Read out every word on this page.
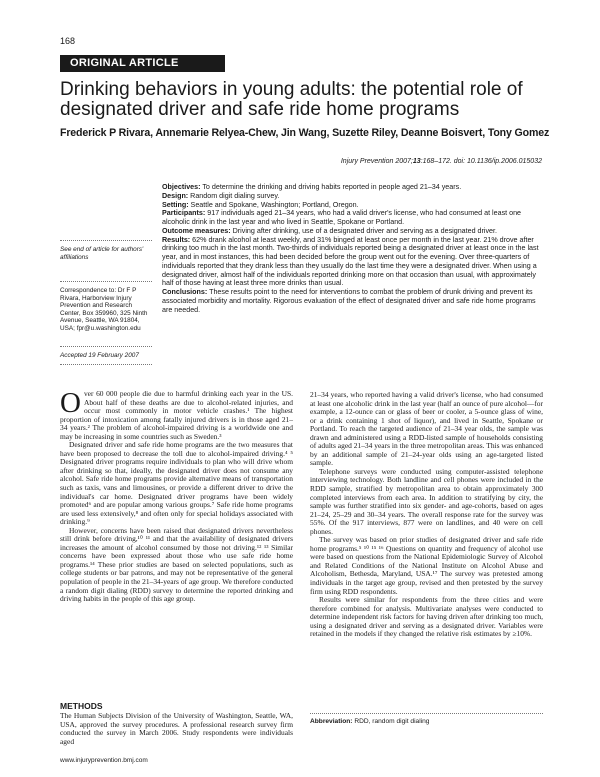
168
ORIGINAL ARTICLE
Drinking behaviors in young adults: the potential role of
designated driver and safe ride home programs
Frederick P Rivara, Annemarie Relyea-Chew, Jin Wang, Suzette Riley, Deanne Boisvert, Tony Gomez
Injury Prevention 2007;13:168–172. doi: 10.1136/ip.2006.015032

Objectives: To determine the drinking and driving habits reported in people aged 21–34 years.

Design: Random digit dialing survey.

Setting: Seattle and Spokane, Washington; Portland, Oregon.

Participants: 917 individuals aged 21–34 years, who had a valid driver's license, who had consumed at least one alcoholic drink in the last year and who lived in Seattle, Spokane or Portland.

Outcome measures: Driving after drinking, use of a designated driver and serving as a designated driver.

Results: 62% drank alcohol at least weekly, and 31% binged at least once per month in the last year. 21% drove after drinking too much in the last month. Two-thirds of individuals reported being a designated driver at least once in the last year, and in most instances, this had been decided before the group went out for the evening. Over three-quarters of individuals reported that they drank less than they usually do the last time they were a designated driver. When using a designated driver, almost half of the individuals reported drinking more on that occasion than usual, with approximately half of those having at least three more drinks than usual.

Conclusions: These results point to the need for interventions to combat the problem of drunk driving and prevent its associated morbidity and mortality. Rigorous evaluation of the effect of designated driver and safe ride home programs are needed.

See end of article for authors' affiliations
Correspondence to: Dr F P Rivara, Harborview Injury Prevention and Research Center, Box 359960, 325 Ninth Avenue, Seattle, WA 91804, USA; fpr@u.washington.edu
Accepted 19 February 2007

Over 60 000 people die due to harmful drinking each year in the US. About half of these deaths are due to alcohol-related injuries, and occur most commonly in motor vehicle crashes.¹ The highest proportion of intoxication among fatally injured drivers is in those aged 21–34 years.² The problem of alcohol-impaired driving is a worldwide one and may be increasing in some countries such as Sweden.³

Designated driver and safe ride home programs are the two measures that have been proposed to decrease the toll due to alcohol-impaired driving.⁴ ⁵ Designated driver programs require individuals to plan who will drive whom after drinking so that, ideally, the designated driver does not consume any alcohol. Safe ride home programs provide alternative means of transportation such as taxis, vans and limousines, or provide a different driver to drive the individual's car home. Designated driver programs have been widely promoted⁶ and are popular among various groups.⁷ Safe ride home programs are used less extensively,⁸ and often only for special holidays associated with drinking.⁹

However, concerns have been raised that designated drivers nevertheless still drink before driving,¹⁰ ¹¹ and that the availability of designated drivers increases the amount of alcohol consumed by those not driving.¹² ¹³ Similar concerns have been expressed about those who use safe ride home programs.¹⁴ These prior studies are based on selected populations, such as college students or bar patrons, and may not be representative of the general population of people in the 21–34-years of age group. We therefore conducted a random digit dialing (RDD) survey to determine the reported drinking and driving habits in the people of this age group.

METHODS

The Human Subjects Division of the University of Washington, Seattle, WA, USA, approved the survey procedures. A professional research survey firm conducted the survey in March 2006. Study respondents were individuals aged

21–34 years, who reported having a valid driver's license, who had consumed at least one alcoholic drink in the last year (half an ounce of pure alcohol—for example, a 12-ounce can or glass of beer or cooler, a 5-ounce glass of wine, or a drink containing 1 shot of liquor), and lived in Seattle, Spokane or Portland. To reach the targeted audience of 21–34 year olds, the sample was drawn and administered using a RDD-listed sample of households consisting of adults aged 21–34 years in the three metropolitan areas. This was enhanced by an additional sample of 21–24-year olds using an age-targeted listed sample.

Telephone surveys were conducted using computer-assisted telephone interviewing technology. Both landline and cell phones were included in the RDD sample, stratified by metropolitan area to obtain approximately 300 completed interviews from each area. In addition to stratifying by city, the sample was further stratified into six gender- and age-cohorts, based on ages 21–24, 25–29 and 30–34 years. The overall response rate for the survey was 55%. Of the 917 interviews, 877 were on landlines, and 40 were on cell phones.

The survey was based on prior studies of designated driver and safe ride home programs.⁵ ¹⁰ ¹⁵ ¹⁶ Questions on quantity and frequency of alcohol use were based on questions from the National Epidemiologic Survey of Alcohol and Related Conditions of the National Institute on Alcohol Abuse and Alcoholism, Bethesda, Maryland, USA.¹⁷ The survey was pretested among individuals in the target age group, revised and then pretested by the survey firm using RDD respondents.

Results were similar for respondents from the three cities and were therefore combined for analysis. Multivariate analyses were conducted to determine independent risk factors for having driven after drinking too much, using a designated driver and serving as a designated driver. Variables were retained in the models if they changed the relative risk estimates by ≥10%.

Abbreviation: RDD, random digit dialing
www.injuryprevention.bmj.com
